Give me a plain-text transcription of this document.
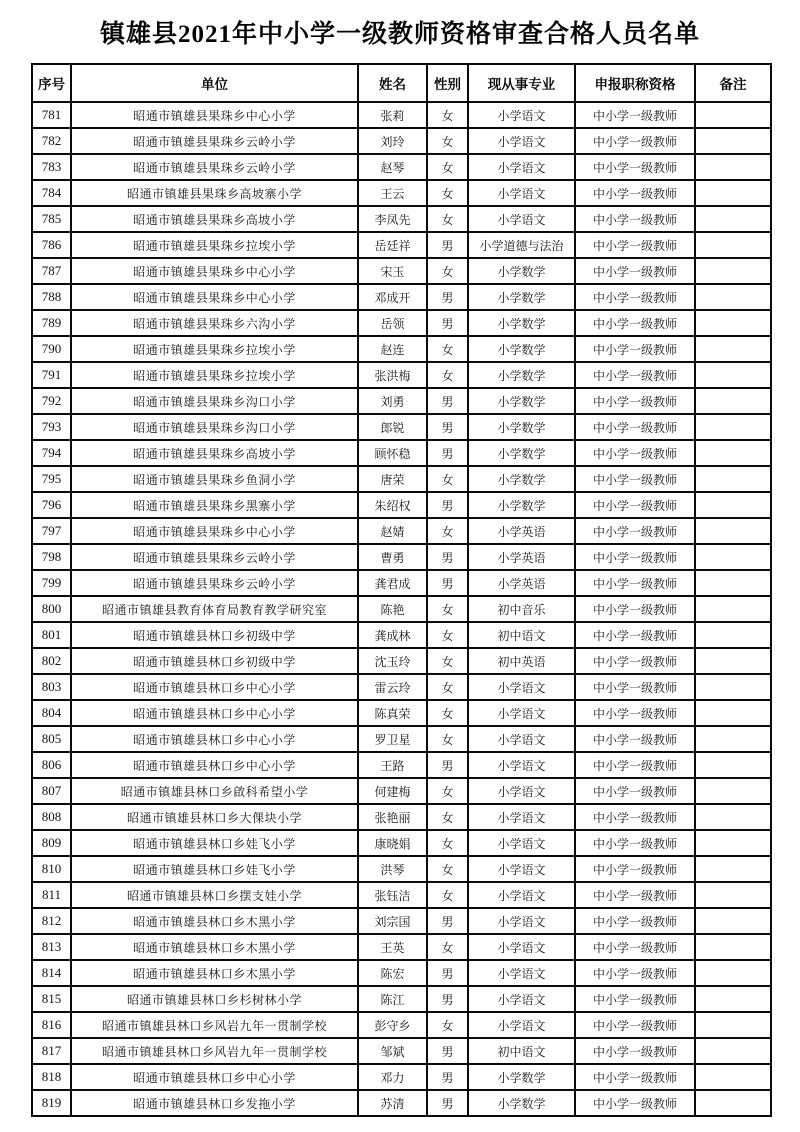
镇雄县2021年中小学一级教师资格审查合格人员名单
序号	单位	姓名	性别	现从事专业	申报职称资格	备注
781	昭通市镇雄县果珠乡中心小学	张莉	女	小学语文	中小学一级教师	
782	昭通市镇雄县果珠乡云岭小学	刘玲	女	小学语文	中小学一级教师	
783	昭通市镇雄县果珠乡云岭小学	赵琴	女	小学语文	中小学一级教师	
784	昭通市镇雄县果珠乡高坡寨小学	王云	女	小学语文	中小学一级教师	
785	昭通市镇雄县果珠乡高坡小学	李凤先	女	小学语文	中小学一级教师	
786	昭通市镇雄县果珠乡拉埃小学	岳廷祥	男	小学道德与法治	中小学一级教师	
787	昭通市镇雄县果珠乡中心小学	宋玉	女	小学数学	中小学一级教师	
788	昭通市镇雄县果珠乡中心小学	邓成开	男	小学数学	中小学一级教师	
789	昭通市镇雄县果珠乡六沟小学	岳领	男	小学数学	中小学一级教师	
790	昭通市镇雄县果珠乡拉埃小学	赵连	女	小学数学	中小学一级教师	
791	昭通市镇雄县果珠乡拉埃小学	张洪梅	女	小学数学	中小学一级教师	
792	昭通市镇雄县果珠乡沟口小学	刘勇	男	小学数学	中小学一级教师	
793	昭通市镇雄县果珠乡沟口小学	郎锐	男	小学数学	中小学一级教师	
794	昭通市镇雄县果珠乡高坡小学	顾怀稳	男	小学数学	中小学一级教师	
795	昭通市镇雄县果珠乡鱼洞小学	唐荣	女	小学数学	中小学一级教师	
796	昭通市镇雄县果珠乡黑寨小学	朱绍权	男	小学数学	中小学一级教师	
797	昭通市镇雄县果珠乡中心小学	赵婧	女	小学英语	中小学一级教师	
798	昭通市镇雄县果珠乡云岭小学	曹勇	男	小学英语	中小学一级教师	
799	昭通市镇雄县果珠乡云岭小学	龚君成	男	小学英语	中小学一级教师	
800	昭通市镇雄县教育体育局教育教学研究室	陈艳	女	初中音乐	中小学一级教师	
801	昭通市镇雄县林口乡初级中学	龚成林	女	初中语文	中小学一级教师	
802	昭通市镇雄县林口乡初级中学	沈玉玲	女	初中英语	中小学一级教师	
803	昭通市镇雄县林口乡中心小学	雷云玲	女	小学语文	中小学一级教师	
804	昭通市镇雄县林口乡中心小学	陈真荣	女	小学语文	中小学一级教师	
805	昭通市镇雄县林口乡中心小学	罗卫星	女	小学语文	中小学一级教师	
806	昭通市镇雄县林口乡中心小学	王路	男	小学语文	中小学一级教师	
807	昭通市镇雄县林口乡啟科希望小学	何建梅	女	小学语文	中小学一级教师	
808	昭通市镇雄县林口乡大倮块小学	张艳丽	女	小学语文	中小学一级教师	
809	昭通市镇雄县林口乡娃飞小学	康晓娟	女	小学语文	中小学一级教师	
810	昭通市镇雄县林口乡娃飞小学	洪琴	女	小学语文	中小学一级教师	
811	昭通市镇雄县林口乡摆支娃小学	张钰洁	女	小学语文	中小学一级教师	
812	昭通市镇雄县林口乡木黑小学	刘宗国	男	小学语文	中小学一级教师	
813	昭通市镇雄县林口乡木黑小学	王英	女	小学语文	中小学一级教师	
814	昭通市镇雄县林口乡木黑小学	陈宏	男	小学语文	中小学一级教师	
815	昭通市镇雄县林口乡杉树林小学	陈江	男	小学语文	中小学一级教师	
816	昭通市镇雄县林口乡风岩九年一贯制学校	彭守乡	女	小学语文	中小学一级教师	
817	昭通市镇雄县林口乡风岩九年一贯制学校	邹斌	男	初中语文	中小学一级教师	
818	昭通市镇雄县林口乡中心小学	邓力	男	小学数学	中小学一级教师	
819	昭通市镇雄县林口乡发拖小学	苏清	男	小学数学	中小学一级教师	
